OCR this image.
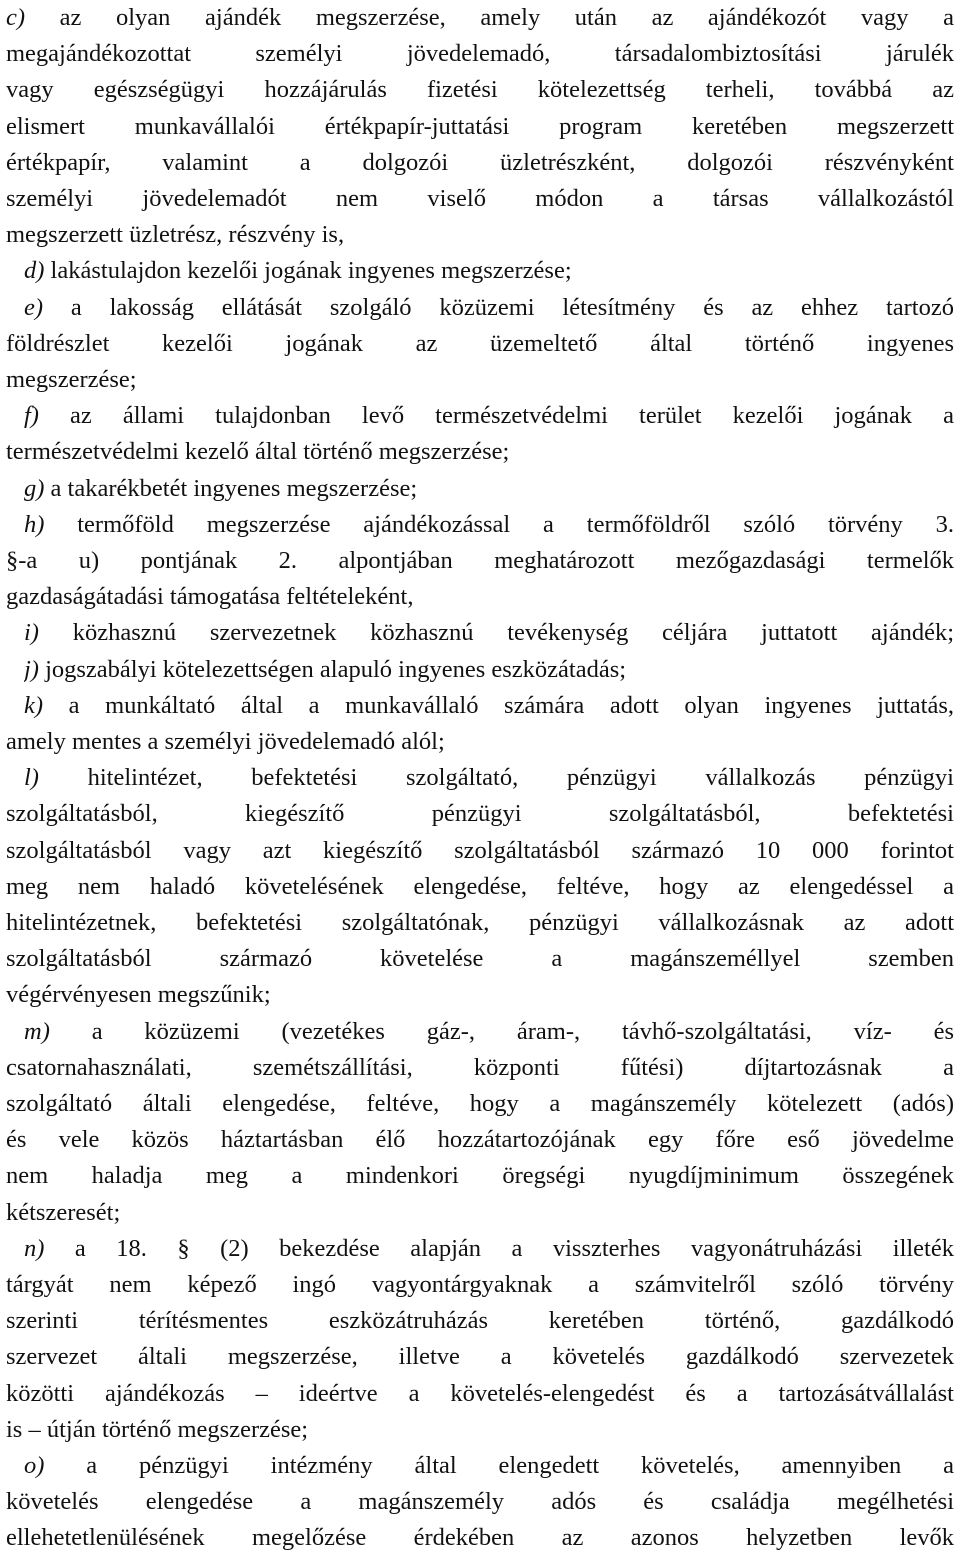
c) az olyan ajándék megszerzése, amely után az ajándékozót vagy a
megajándékozottat személyi jövedelemadó, társadalombiztosítási járulék
vagy egészségügyi hozzájárulás fizetési kötelezettség terheli, továbbá az
elismert munkavállalói értékpapír-juttatási program keretében megszerzett
értékpapír, valamint a dolgozói üzletrészként, dolgozói részvényként
személyi jövedelemadót nem viselő módon a társas vállalkozástól
megszerzett üzletrész, részvény is,
d) lakástulajdon kezelői jogának ingyenes megszerzése;
e) a lakosság ellátását szolgáló közüzemi létesítmény és az ehhez tartozó
földrészlet kezelői jogának az üzemeltető által történő ingyenes
megszerzése;
f) az állami tulajdonban levő természetvédelmi terület kezelői jogának a
természetvédelmi kezelő által történő megszerzése;
g) a takarékbetét ingyenes megszerzése;
h) termőföld megszerzése ajándékozással a termőföldről szóló törvény 3.
§-a u) pontjának 2. alpontjában meghatározott mezőgazdasági termelők
gazdaságátadási támogatása feltételeként,
i) közhasznú szervezetnek közhasznú tevékenység céljára juttatott ajándék;
j) jogszabályi kötelezettségen alapuló ingyenes eszközátadás;
k) a munkáltató által a munkavállaló számára adott olyan ingyenes juttatás,
amely mentes a személyi jövedelemadó alól;
l) hitelintézet, befektetési szolgáltató, pénzügyi vállalkozás pénzügyi
szolgáltatásból, kiegészítő pénzügyi szolgáltatásból, befektetési
szolgáltatásból vagy azt kiegészítő szolgáltatásból származó 10 000 forintot
meg nem haladó követelésének elengedése, feltéve, hogy az elengedéssel a
hitelintézetnek, befektetési szolgáltatónak, pénzügyi vállalkozásnak az adott
szolgáltatásból származó követelése a magánszeméllyel szemben
végérvényesen megszűnik;
m) a közüzemi (vezetékes gáz-, áram-, távhő-szolgáltatási, víz- és
csatornahasználati, szemétszállítási, központi fűtési) díjtartozásnak a
szolgáltató általi elengedése, feltéve, hogy a magánszemély kötelezett (adós)
és vele közös háztartásban élő hozzátartozójának egy főre eső jövedelme
nem haladja meg a mindenkori öregségi nyugdíjminimum összegének
kétszeresét;
n) a 18. § (2) bekezdése alapján a visszterhes vagyonátruházási illeték
tárgyát nem képező ingó vagyontárgyaknak a számvitelről szóló törvény
szerinti térítésmentes eszközátruházás keretében történő, gazdálkodó
szervezet általi megszerzése, illetve a követelés gazdálkodó szervezetek
közötti ajándékozás – ideértve a követelés-elengedést és a tartozásátvállalást
is – útján történő megszerzése;
o) a pénzügyi intézmény által elengedett követelés, amennyiben a
követelés elengedése a magánszemély adós és családja megélhetési
ellehetetlenülésének megelőzése érdekében az azonos helyzetben levők
